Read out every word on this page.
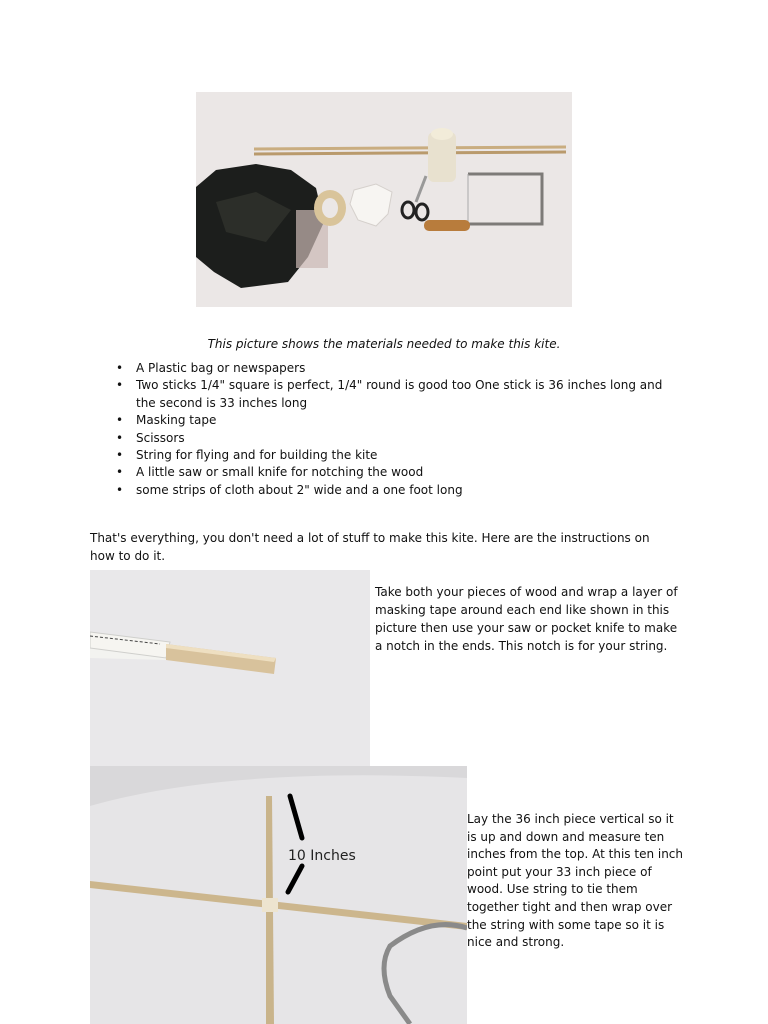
This picture shows the materials needed to make this kite.

• A Plastic bag or newspapers
• Two sticks 1/4" square is perfect, 1/4" round is good too One stick is 36 inches long and the second is 33 inches long
• Masking tape
• Scissors
• String for flying and for building the kite
• A little saw or small knife for notching the wood
• some strips of cloth about 2" wide and a one foot long

That's everything, you don't need a lot of stuff to make this kite. Here are the instructions on how to do it.

Take both your pieces of wood and wrap a layer of masking tape around each end like shown in this picture then use your saw or pocket knife to make a notch in the ends. This notch is for your string.

10 Inches

Lay the 36 inch piece vertical so it is up and down and measure ten inches from the top. At this ten inch point put your 33 inch piece of wood. Use string to tie them together tight and then wrap over the string with some tape so it is nice and strong.
